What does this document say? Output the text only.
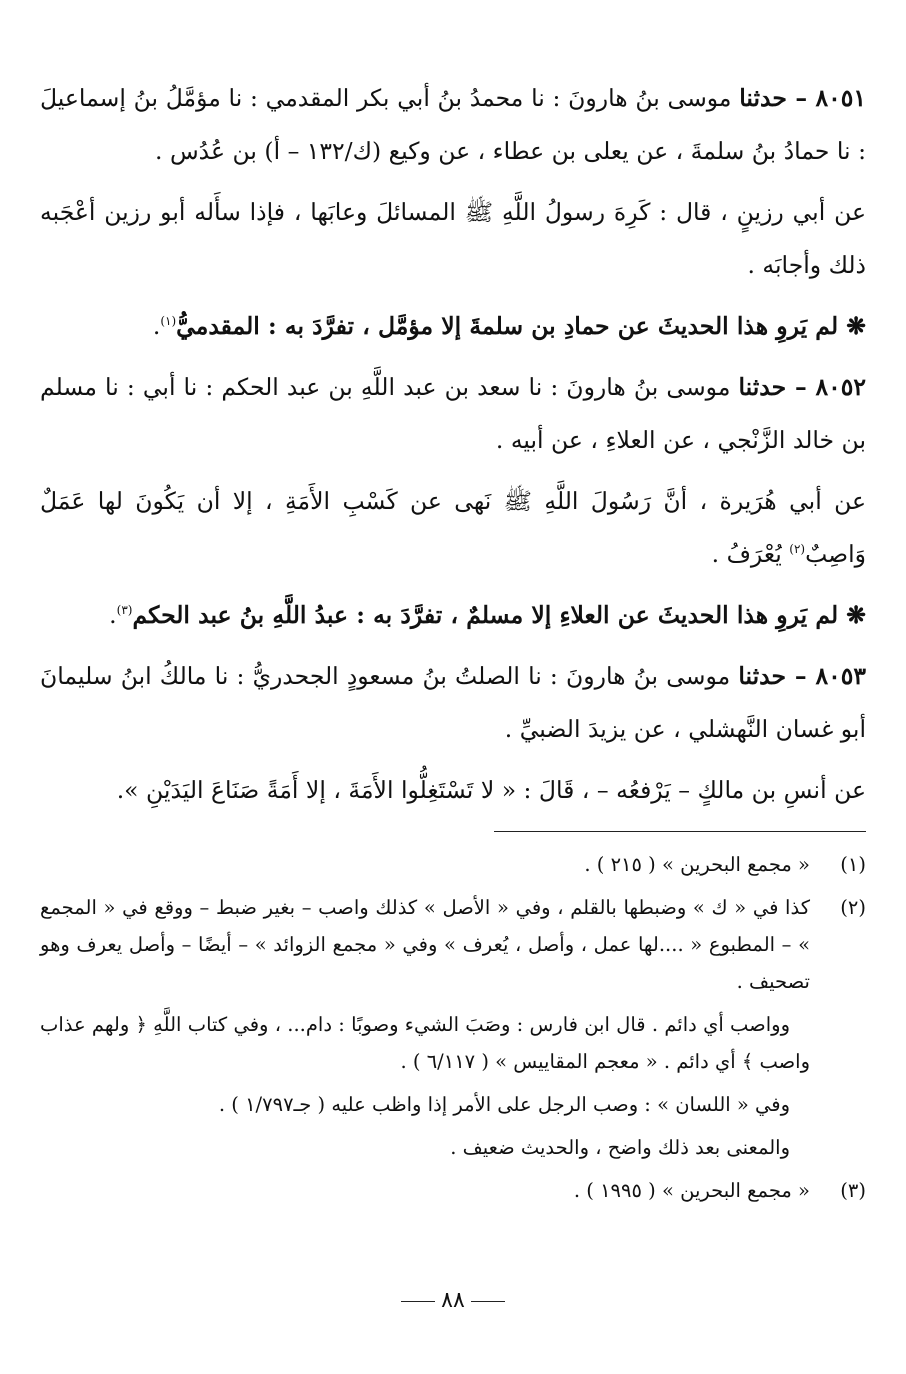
٨٠٥١ – حدثنا موسى بنُ هارونَ : نا محمدُ بنُ أبي بكر المقدمي : نا مؤمَّلُ بنُ إسماعيلَ : نا حمادُ بنُ سلمةَ ، عن يعلى بن عطاء ، عن وكيع (ك/١٣٢ – أ) بن عُدُس .

عن أبي رزينٍ ، قال : كَرِهَ رسولُ اللَّهِ ﷺ المسائلَ وعابَها ، فإذا سأَله أبو رزين أعْجَبه ذلك وأجابَه .

❋ لم يَروِ هذا الحديثَ عن حمادِ بن سلمةَ إلا مؤمَّل ، تفرَّدَ به : المقدميُّ$^{(١)}$.

٨٠٥٢ – حدثنا موسى بنُ هارونَ : نا سعد بن عبد اللَّهِ بن عبد الحكم : نا أبي : نا مسلم بن خالد الزَّنْجي ، عن العلاءِ ، عن أبيه .

عن أبي هُرَيرة ، أنَّ رَسُولَ اللَّهِ ﷺ نَهى عن كَسْبِ الأَمَةِ ، إلا أن يَكُونَ لها عَمَلٌ وَاصِبٌ$^{(٢)}$ يُعْرَفُ .

❋ لم يَروِ هذا الحديثَ عن العلاءِ إلا مسلمٌ ، تفرَّدَ به : عبدُ اللَّهِ بنُ عبد الحكم$^{(٣)}$.

٨٠٥٣ – حدثنا موسى بنُ هارونَ : نا الصلتُ بنُ مسعودٍ الجحدريُّ : نا مالكُ ابنُ سليمانَ أبو غسان النَّهشلي ، عن يزيدَ الضبيِّ .

عن أنسِ بن مالكٍ – يَرْفعُه – ، قَالَ : « لا تَسْتَغِلُّوا الأَمَةَ ، إلا أَمَةً صَنَاعَ اليَدَيْنِ ».

(١)

« مجمع البحرين » ( ٢١٥ ) .

(٢)

كذا في « ك » وضبطها بالقلم ، وفي « الأصل » كذلك واصب – بغير ضبط – ووقع في « المجمع » – المطبوع « ....لها عمل ، وأصل ، يُعرف » وفي « مجمع الزوائد » – أيضًا – وأصل يعرف وهو تصحيف .

وواصب أي دائم . قال ابن فارس : وصَبَ الشيء وصوبًا : دام... ، وفي كتاب اللَّهِ ﴿ ولهم عذاب واصب ﴾ أي دائم . « معجم المقاييس » ( ٦/١١٧ ) .

وفي « اللسان » : وصب الرجل على الأمر إذا واظب عليه ( جـ١/٧٩٧ ) .

والمعنى بعد ذلك واضح ، والحديث ضعيف .

(٣)

« مجمع البحرين » ( ١٩٩٥ ) .

٨٨
